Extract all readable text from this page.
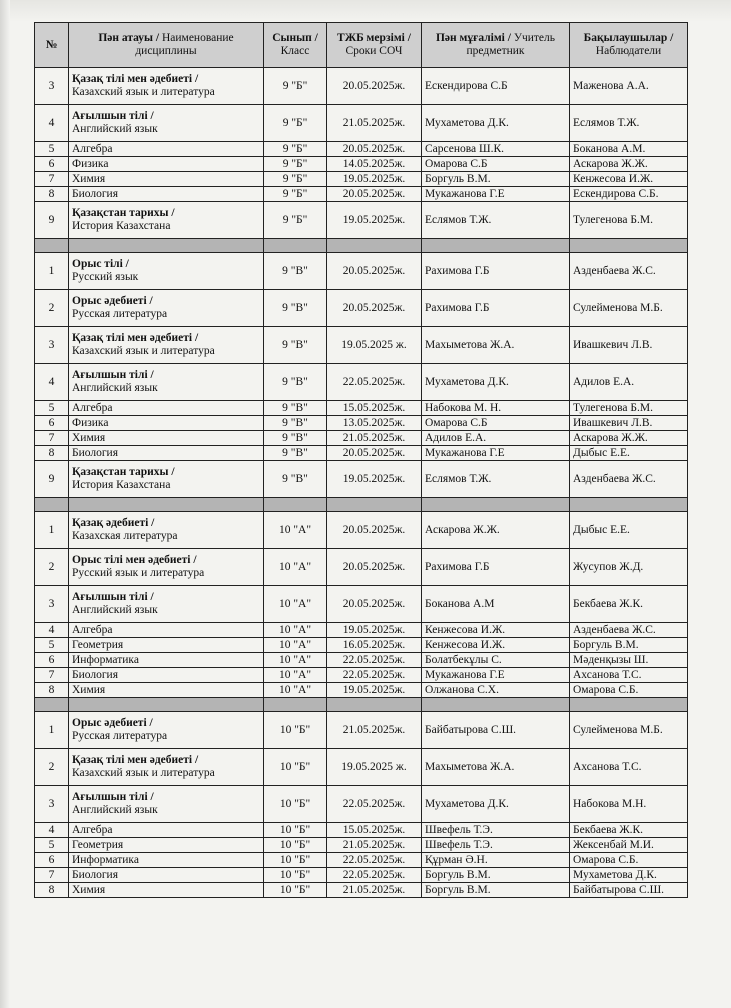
№	Пән атауы / Наименование дисциплины	Сынып / Класс	ТЖБ мерзімі / Сроки СОЧ	Пән мұғалімі / Учитель предметник	Бақылаушылар / Наблюдатели
3	Қазақ тілі мен әдебиеті /
Казахский язык и литература	9 "Б"	20.05.2025ж.	Ескендирова С.Б	Маженова А.А.
4	Ағылшын тілі /
Английский язык	9 "Б"	21.05.2025ж.	Мухаметова Д.К.	Еслямов Т.Ж.
5	Алгебра	9 "Б"	20.05.2025ж.	Сарсенова Ш.К.	Боканова А.М.
6	Физика	9 "Б"	14.05.2025ж.	Омарова С.Б	Аскарова Ж.Ж.
7	Химия	9 "Б"	19.05.2025ж.	Боргуль В.М.	Кенжесова И.Ж.
8	Биология	9 "Б"	20.05.2025ж.	Мукажанова Г.Е	Ескендирова С.Б.
9	Қазақстан тарихы /
История Казахстана	9 "Б"	19.05.2025ж.	Еслямов Т.Ж.	Тулегенова Б.М.

1	Орыс тілі /
Русский язык	9 "В"	20.05.2025ж.	Рахимова Г.Б	Азденбаева Ж.С.
2	Орыс әдебиеті /
Русская литература	9 "В"	20.05.2025ж.	Рахимова Г.Б	Сулейменова М.Б.
3	Қазақ тілі мен әдебиеті /
Казахский язык и литература	9 "В"	19.05.2025 ж.	Махыметова Ж.А.	Ивашкевич Л.В.
4	Ағылшын тілі /
Английский язык	9 "В"	22.05.2025ж.	Мухаметова Д.К.	Адилов Е.А.
5	Алгебра	9 "В"	15.05.2025ж.	Набокова М. Н.	Тулегенова Б.М.
6	Физика	9 "В"	13.05.2025ж.	Омарова С.Б	Ивашкевич Л.В.
7	Химия	9 "В"	21.05.2025ж.	Адилов Е.А.	Аскарова Ж.Ж.
8	Биология	9 "В"	20.05.2025ж.	Мукажанова Г.Е	Дыбыс Е.Е.
9	Қазақстан тарихы /
История Казахстана	9 "В"	19.05.2025ж.	Еслямов Т.Ж.	Азденбаева Ж.С.

1	Қазақ әдебиеті /
Казахская литература	10 "А"	20.05.2025ж.	Аскарова Ж.Ж.	Дыбыс Е.Е.
2	Орыс тілі мен әдебиеті /
Русский язык и литература	10 "А"	20.05.2025ж.	Рахимова Г.Б	Жусупов Ж.Д.
3	Ағылшын тілі /
Английский язык	10 "А"	20.05.2025ж.	Боканова А.М	Бекбаева Ж.К.
4	Алгебра	10 "А"	19.05.2025ж.	Кенжесова И.Ж.	Азденбаева Ж.С.
5	Геометрия	10 "А"	16.05.2025ж.	Кенжесова И.Ж.	Боргуль В.М.
6	Информатика	10 "А"	22.05.2025ж.	Болатбекұлы С.	Мәденқызы Ш.
7	Биология	10 "А"	22.05.2025ж.	Мукажанова Г.Е	Ахсанова Т.С.
8	Химия	10 "А"	19.05.2025ж.	Олжанова С.Х.	Омарова С.Б.

1	Орыс әдебиеті /
Русская литература	10 "Б"	21.05.2025ж.	Байбатырова С.Ш.	Сулейменова М.Б.
2	Қазақ тілі мен әдебиеті /
Казахский язык и литература	10 "Б"	19.05.2025 ж.	Махыметова Ж.А.	Ахсанова Т.С.
3	Ағылшын тілі /
Английский язык	10 "Б"	22.05.2025ж.	Мухаметова Д.К.	Набокова М.Н.
4	Алгебра	10 "Б"	15.05.2025ж.	Швефель Т.Э.	Бекбаева Ж.К.
5	Геометрия	10 "Б"	21.05.2025ж.	Швефель Т.Э.	Жексенбай М.И.
6	Информатика	10 "Б"	22.05.2025ж.	Құрман Ә.Н.	Омарова С.Б.
7	Биология	10 "Б"	22.05.2025ж.	Боргуль В.М.	Мухаметова Д.К.
8	Химия	10 "Б"	21.05.2025ж.	Боргуль В.М.	Байбатырова С.Ш.
